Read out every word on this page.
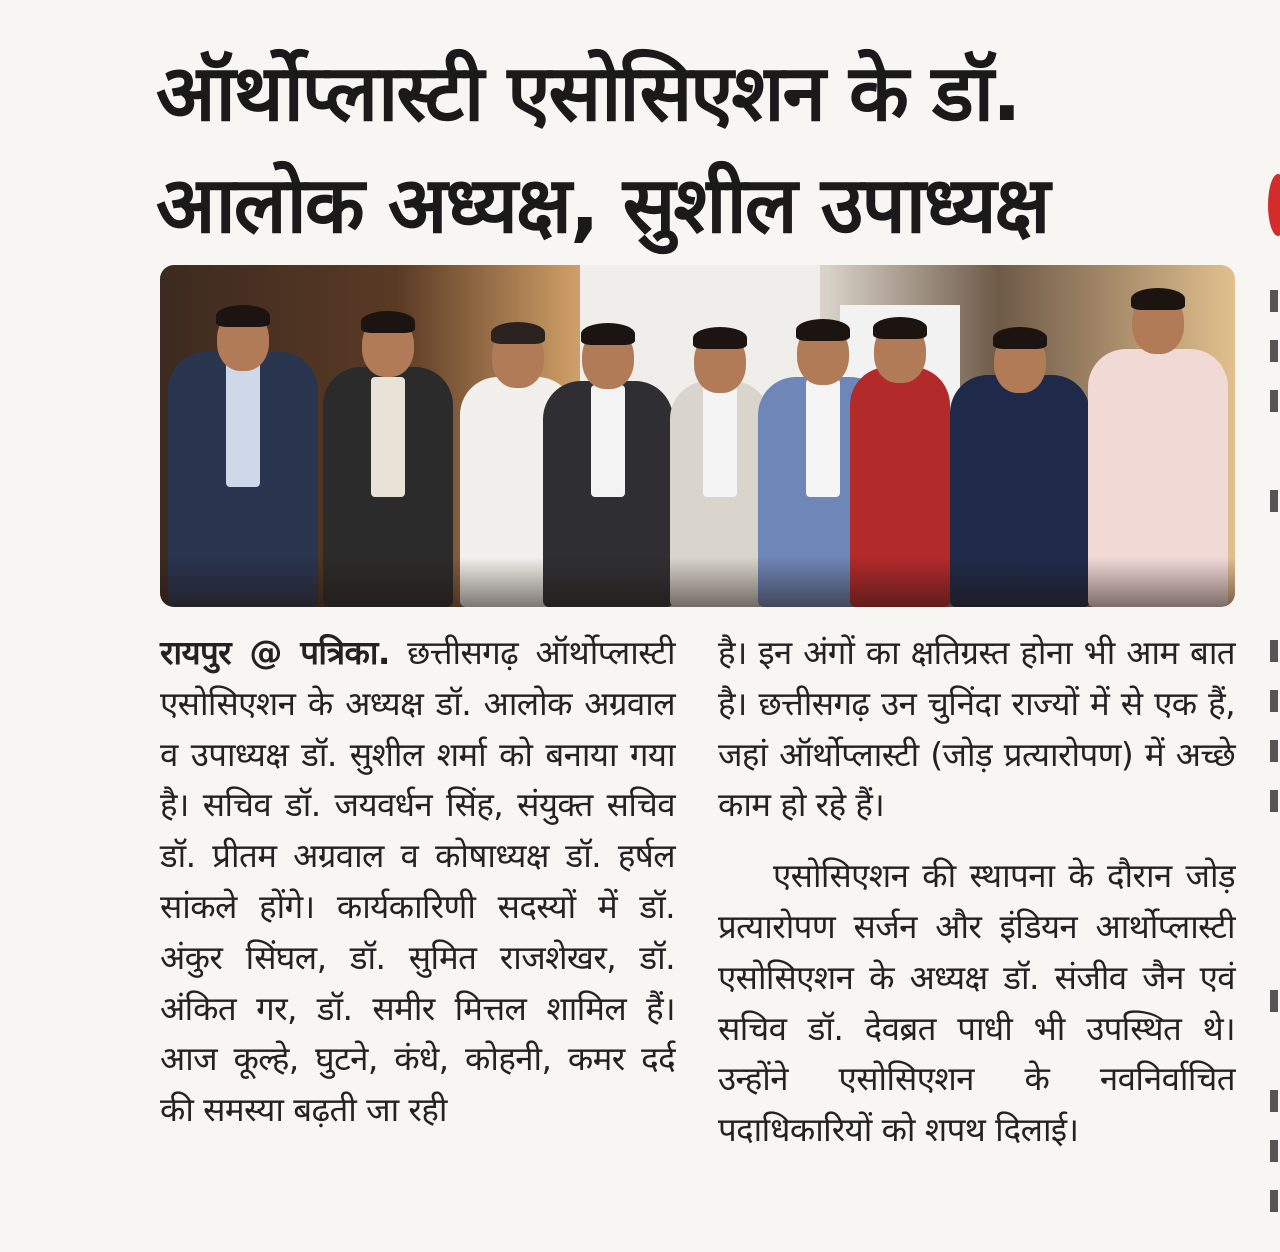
ऑर्थोप्लास्टी एसोसिएशन के डॉ.
आलोक अध्यक्ष, सुशील उपाध्यक्ष

रायपुर @ पत्रिका. छत्तीसगढ़ ऑर्थोप्लास्टी एसोसिएशन के अध्यक्ष डॉ. आलोक अग्रवाल व उपाध्यक्ष डॉ. सुशील शर्मा को बनाया गया है। सचिव डॉ. जयवर्धन सिंह, संयुक्त सचिव डॉ. प्रीतम अग्रवाल व कोषाध्यक्ष डॉ. हर्षल सांकले होंगे। कार्यकारिणी सदस्यों में डॉ. अंकुर सिंघल, डॉ. सुमित राजशेखर, डॉ. अंकित गर, डॉ. समीर मित्तल शामिल हैं। आज कूल्हे, घुटने, कंधे, कोहनी, कमर दर्द की समस्या बढ़ती जा रही

है। इन अंगों का क्षतिग्रस्त होना भी आम बात है। छत्तीसगढ़ उन चुनिंदा राज्यों में से एक हैं, जहां ऑर्थोप्लास्टी (जोड़ प्रत्यारोपण) में अच्छे काम हो रहे हैं।

एसोसिएशन की स्थापना के दौरान जोड़ प्रत्यारोपण सर्जन और इंडियन आर्थोप्लास्टी एसोसिएशन के अध्यक्ष डॉ. संजीव जैन एवं सचिव डॉ. देवब्रत पाधी भी उपस्थित थे। उन्होंने एसोसिएशन के नवनिर्वाचित पदाधिकारियों को शपथ दिलाई।
